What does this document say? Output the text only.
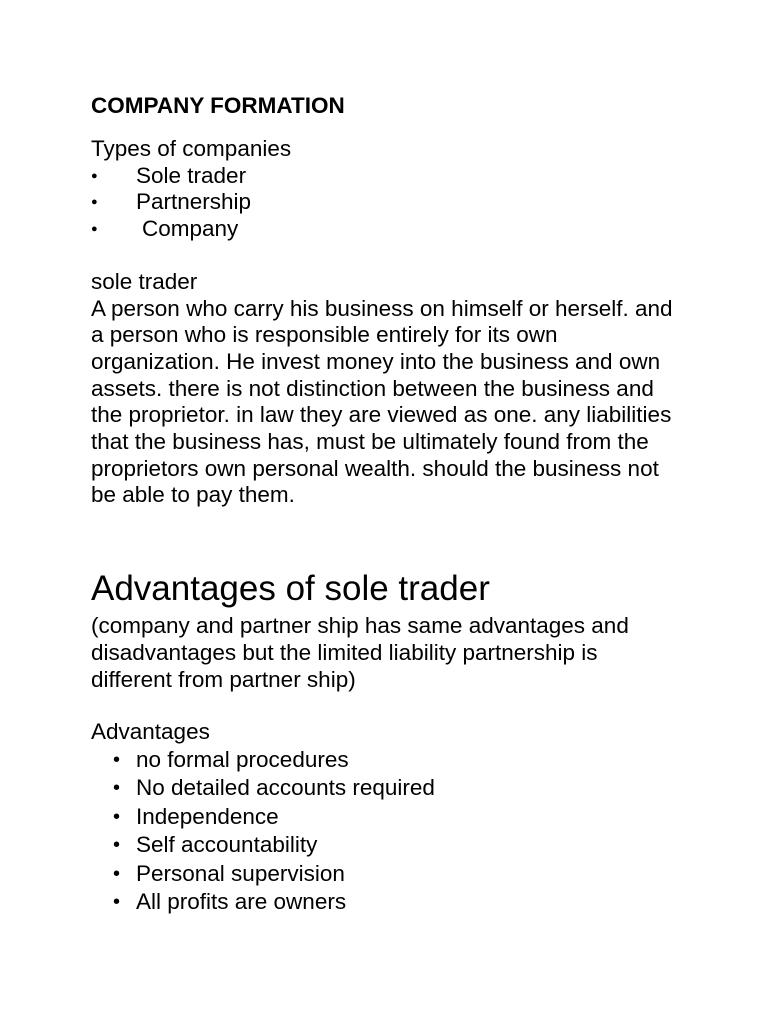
COMPANY FORMATION
Types of companies
● Sole trader
● Partnership
● Company
sole trader
A person who carry his business on himself or herself. and
a person who is responsible entirely for its own
organization. He invest money into the business and own
assets. there is not distinction between the business and
the proprietor. in law they are viewed as one. any liabilities
that the business has, must be ultimately found from the
proprietors own personal wealth. should the business not
be able to pay them.
Advantages of sole trader
(company and partner ship has same advantages and
disadvantages but the limited liability partnership is
different from partner ship)
Advantages
• no formal procedures
• No detailed accounts required
• Independence
• Self accountability
• Personal supervision
• All profits are owners
